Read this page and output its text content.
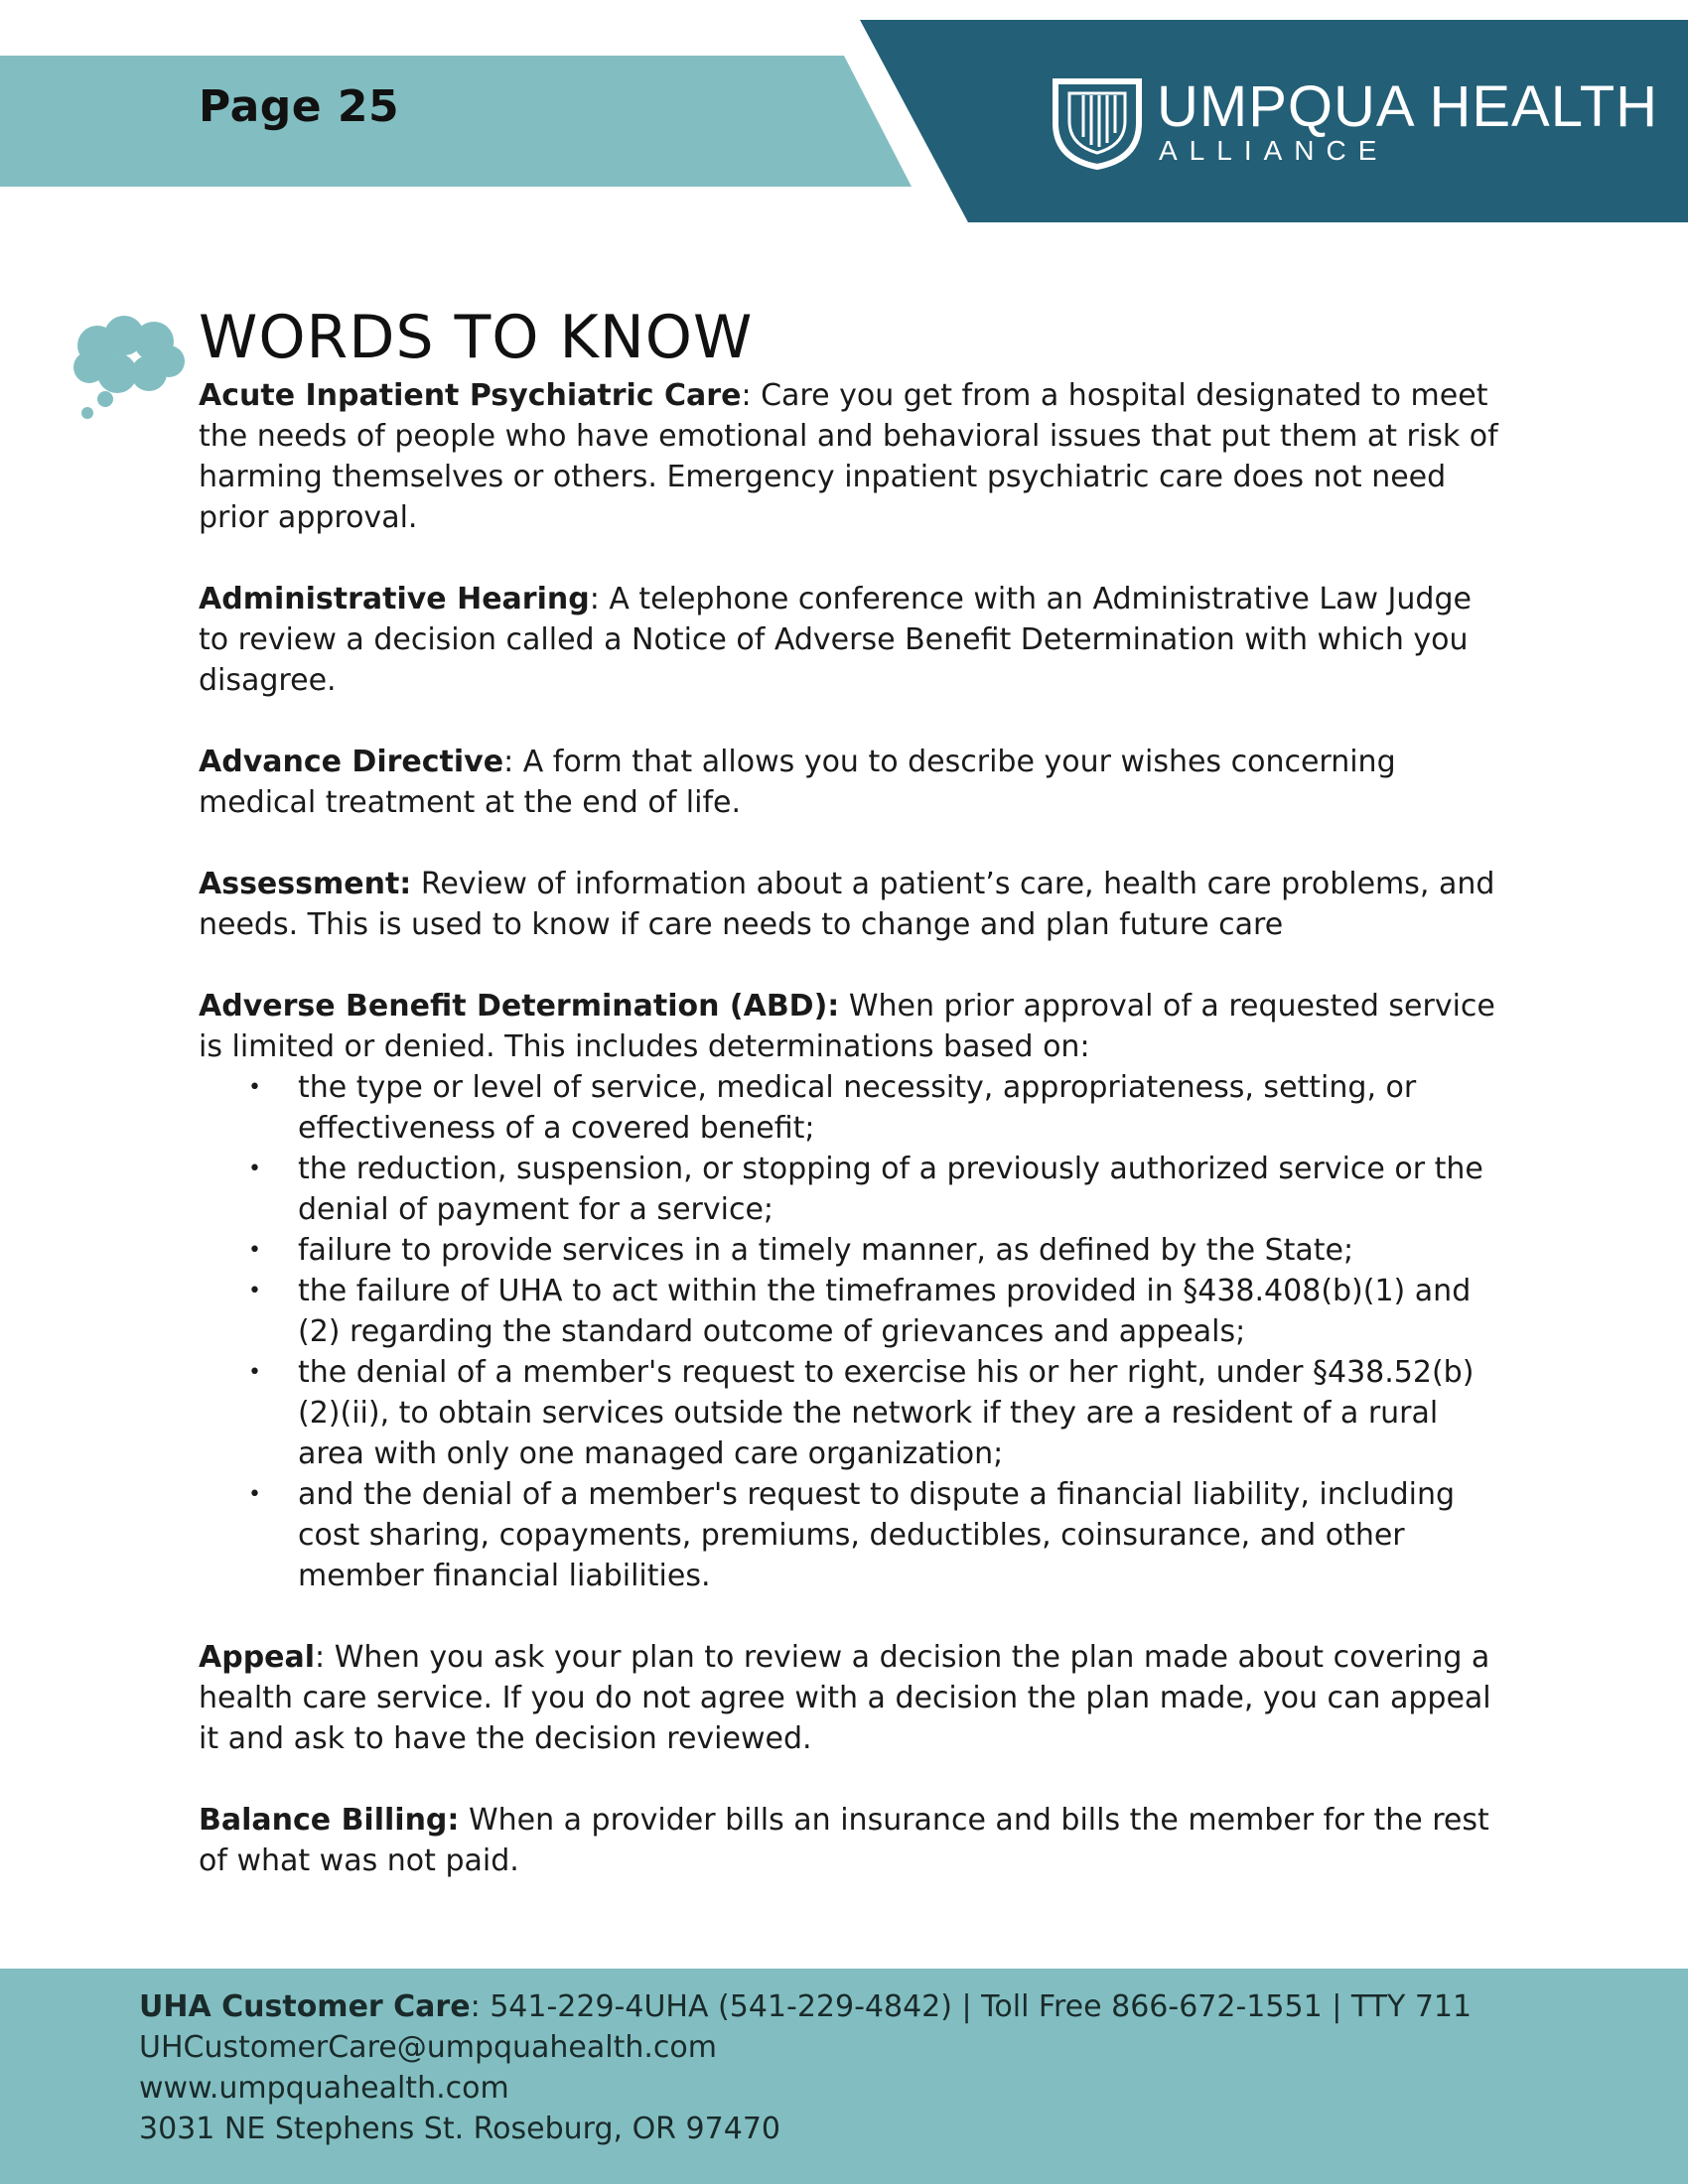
Page 25	UMPQUA HEALTH
ALLIANCE
WORDS TO KNOW

Acute Inpatient Psychiatric Care: Care you get from a hospital designated to meet the needs of people who have emotional and behavioral issues that put them at risk of harming themselves or others. Emergency inpatient psychiatric care does not need prior approval.

Administrative Hearing: A telephone conference with an Administrative Law Judge to review a decision called a Notice of Adverse Benefit Determination with which you disagree.

Advance Directive: A form that allows you to describe your wishes concerning medical treatment at the end of life.

Assessment: Review of information about a patient’s care, health care problems, and needs. This is used to know if care needs to change and plan future care

Adverse Benefit Determination (ABD): When prior approval of a requested service is limited or denied. This includes determinations based on:
• the type or level of service, medical necessity, appropriateness, setting, or effectiveness of a covered benefit;
• the reduction, suspension, or stopping of a previously authorized service or the denial of payment for a service;
• failure to provide services in a timely manner, as defined by the State;
• the failure of UHA to act within the timeframes provided in §438.408(b)(1) and (2) regarding the standard outcome of grievances and appeals;
• the denial of a member's request to exercise his or her right, under §438.52(b)(2)(ii), to obtain services outside the network if they are a resident of a rural area with only one managed care organization;
• and the denial of a member's request to dispute a financial liability, including cost sharing, copayments, premiums, deductibles, coinsurance, and other member financial liabilities.

Appeal: When you ask your plan to review a decision the plan made about covering a health care service. If you do not agree with a decision the plan made, you can appeal it and ask to have the decision reviewed.

Balance Billing: When a provider bills an insurance and bills the member for the rest of what was not paid.

UHA Customer Care: 541-229-4UHA (541-229-4842) | Toll Free 866-672-1551 | TTY 711
UHCustomerCare@umpquahealth.com
www.umpquahealth.com
3031 NE Stephens St. Roseburg, OR 97470
